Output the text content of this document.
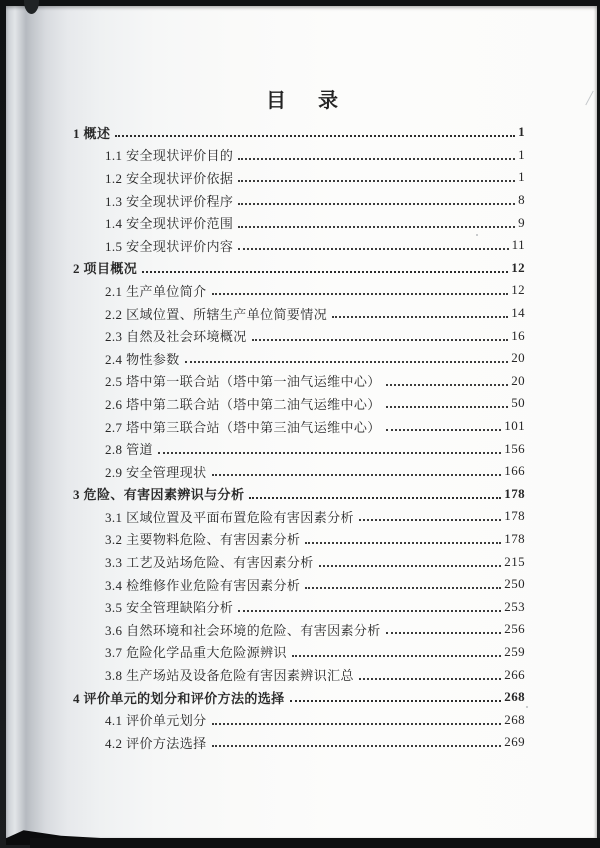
目　录
1 概述	1
1.1 安全现状评价目的	1
1.2 安全现状评价依据	1
1.3 安全现状评价程序	8
1.4 安全现状评价范围	9
1.5 安全现状评价内容	11
2 项目概况	12
2.1 生产单位简介	12
2.2 区域位置、所辖生产单位简要情况	14
2.3 自然及社会环境概况	16
2.4 物性参数	20
2.5 塔中第一联合站（塔中第一油气运维中心）	20
2.6 塔中第二联合站（塔中第二油气运维中心）	50
2.7 塔中第三联合站（塔中第三油气运维中心）	101
2.8 管道	156
2.9 安全管理现状	166
3 危险、有害因素辨识与分析	178
3.1 区域位置及平面布置危险有害因素分析	178
3.2 主要物料危险、有害因素分析	178
3.3 工艺及站场危险、有害因素分析	215
3.4 检维修作业危险有害因素分析	250
3.5 安全管理缺陷分析	253
3.6 自然环境和社会环境的危险、有害因素分析	256
3.7 危险化学品重大危险源辨识	259
3.8 生产场站及设备危险有害因素辨识汇总	266
4 评价单元的划分和评价方法的选择	268
4.1 评价单元划分	268
4.2 评价方法选择	269
